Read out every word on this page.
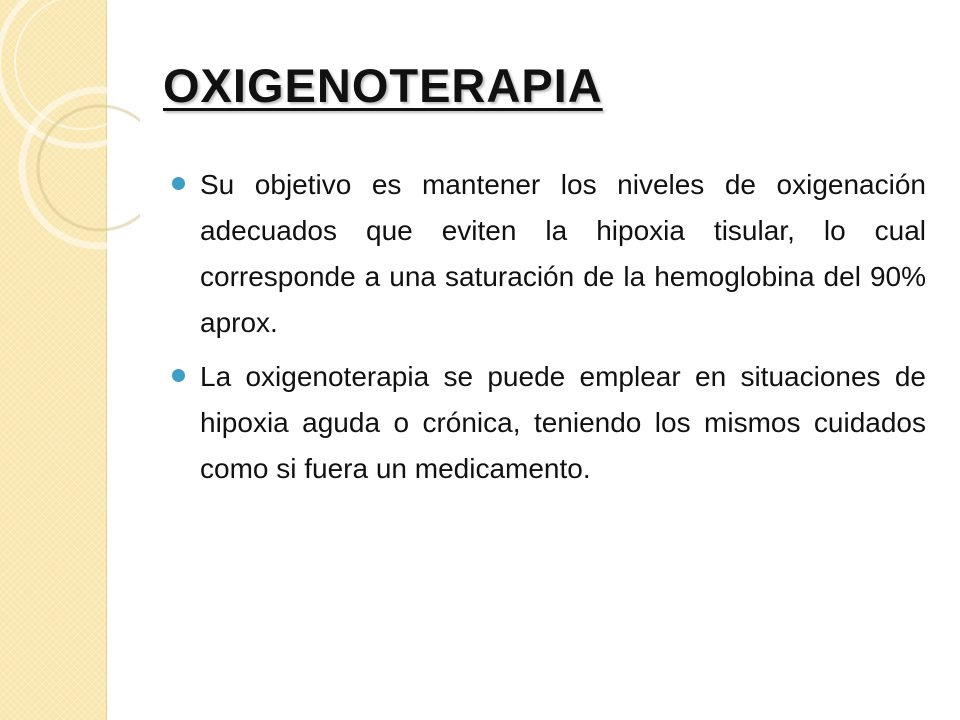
OXIGENOTERAPIA
Su objetivo es mantener los niveles de oxigenación adecuados que eviten la hipoxia tisular, lo cual corresponde a una saturación de la hemoglobina del 90% aprox.
La oxigenoterapia se puede emplear en situaciones de hipoxia aguda o crónica, teniendo los mismos cuidados como si fuera un medicamento.
